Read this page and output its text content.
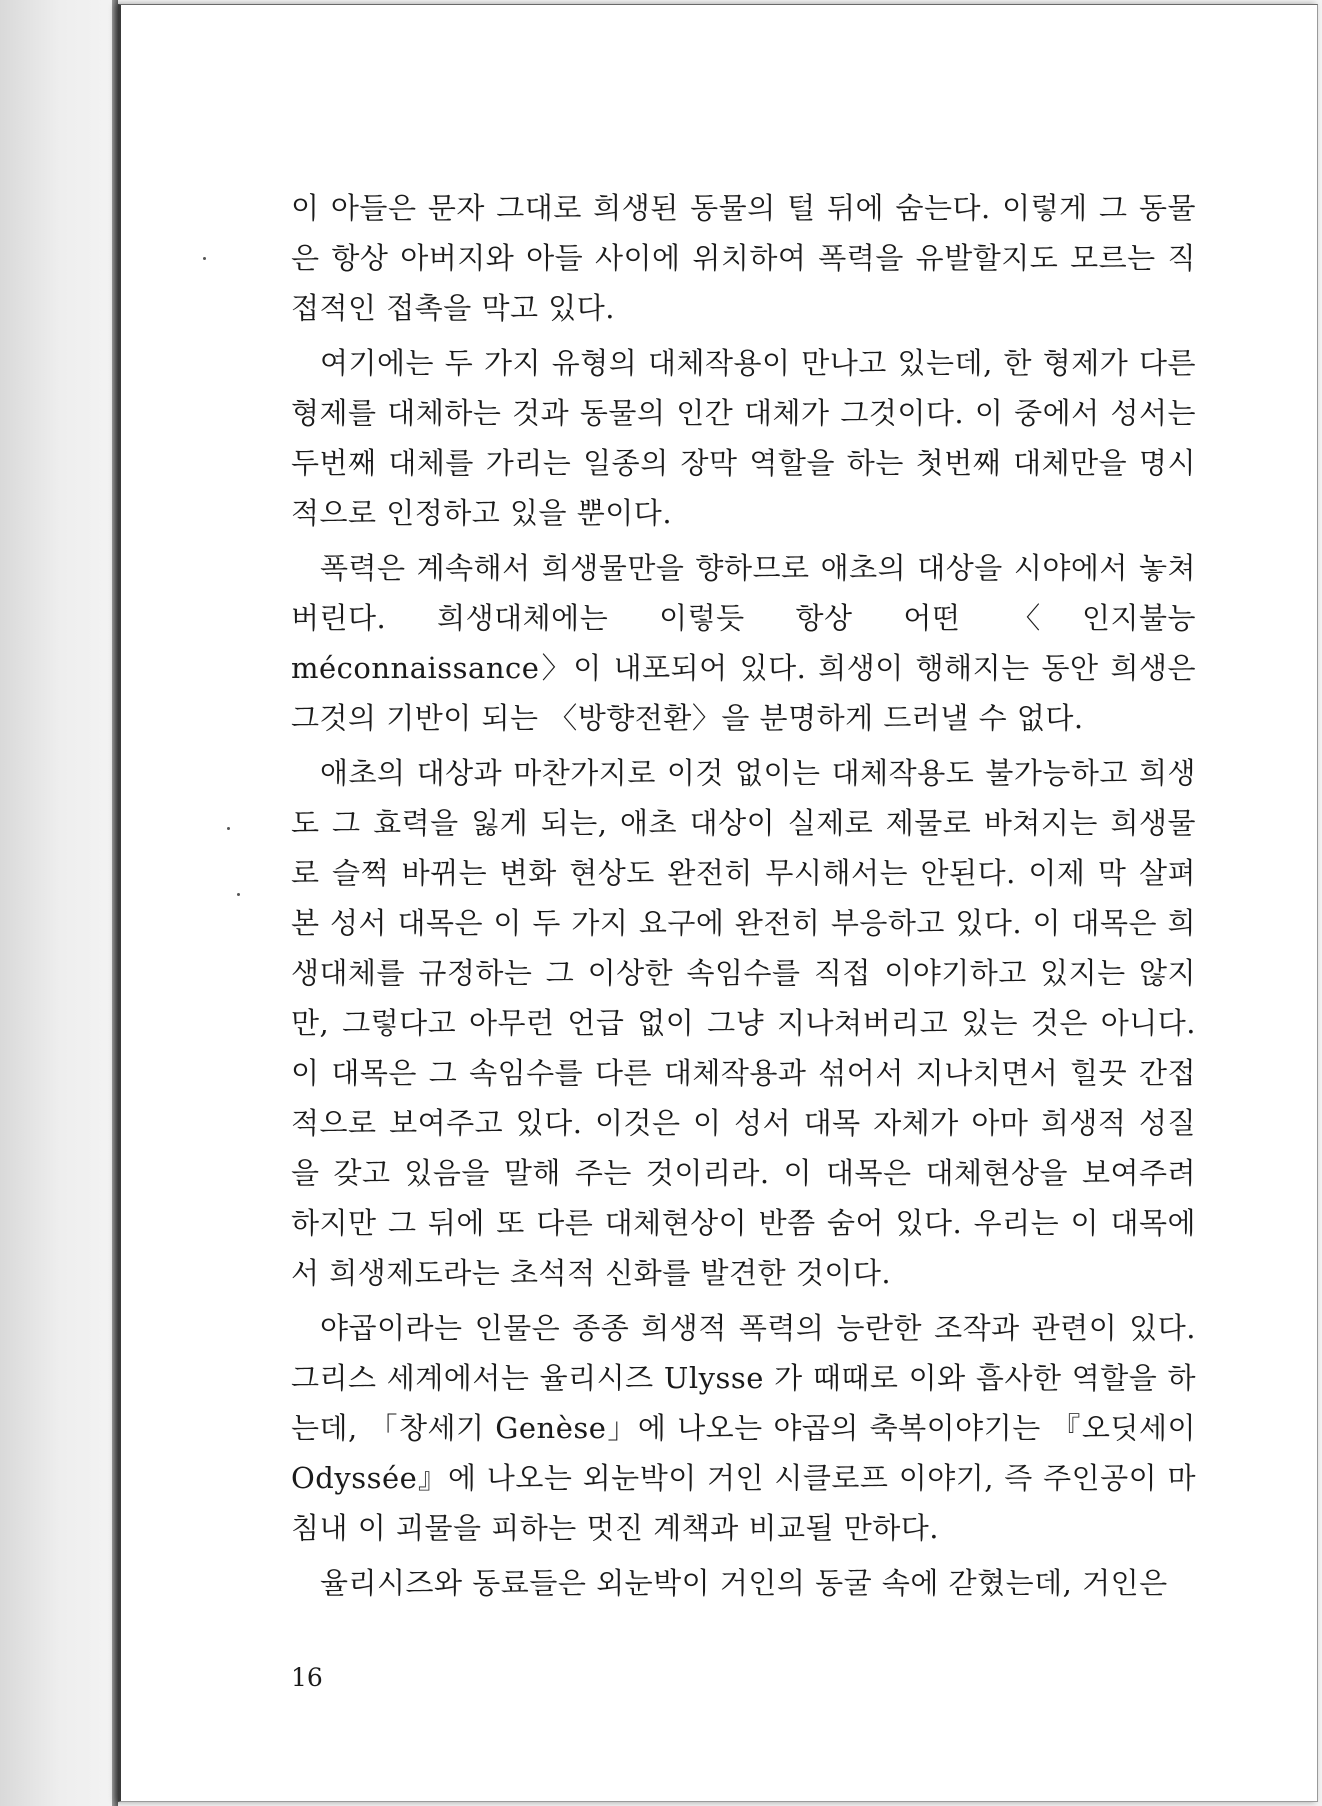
이 아들은 문자 그대로 희생된 동물의 털 뒤에 숨는다. 이렇게 그 동물은 항상 아버지와 아들 사이에 위치하여 폭력을 유발할지도 모르는 직접적인 접촉을 막고 있다.

여기에는 두 가지 유형의 대체작용이 만나고 있는데, 한 형제가 다른 형제를 대체하는 것과 동물의 인간 대체가 그것이다. 이 중에서 성서는 두번째 대체를 가리는 일종의 장막 역할을 하는 첫번째 대체만을 명시적으로 인정하고 있을 뿐이다.

폭력은 계속해서 희생물만을 향하므로 애초의 대상을 시야에서 놓쳐버린다. 희생대체에는 이렇듯 항상 어떤 〈인지불능 méconnaissance〉이 내포되어 있다. 희생이 행해지는 동안 희생은 그것의 기반이 되는 〈방향전환〉을 분명하게 드러낼 수 없다.

애초의 대상과 마찬가지로 이것 없이는 대체작용도 불가능하고 희생도 그 효력을 잃게 되는, 애초 대상이 실제로 제물로 바쳐지는 희생물로 슬쩍 바뀌는 변화 현상도 완전히 무시해서는 안된다. 이제 막 살펴본 성서 대목은 이 두 가지 요구에 완전히 부응하고 있다. 이 대목은 희생대체를 규정하는 그 이상한 속임수를 직접 이야기하고 있지는 않지만, 그렇다고 아무런 언급 없이 그냥 지나쳐버리고 있는 것은 아니다. 이 대목은 그 속임수를 다른 대체작용과 섞어서 지나치면서 힐끗 간접적으로 보여주고 있다. 이것은 이 성서 대목 자체가 아마 희생적 성질을 갖고 있음을 말해 주는 것이리라. 이 대목은 대체현상을 보여주려 하지만 그 뒤에 또 다른 대체현상이 반쯤 숨어 있다. 우리는 이 대목에서 희생제도라는 초석적 신화를 발견한 것이다.

야곱이라는 인물은 종종 희생적 폭력의 능란한 조작과 관련이 있다. 그리스 세계에서는 율리시즈 Ulysse 가 때때로 이와 흡사한 역할을 하는데, 「창세기 Genèse」에 나오는 야곱의 축복이야기는 『오딧세이 Odyssée』에 나오는 외눈박이 거인 시클로프 이야기, 즉 주인공이 마침내 이 괴물을 피하는 멋진 계책과 비교될 만하다.

율리시즈와 동료들은 외눈박이 거인의 동굴 속에 갇혔는데, 거인은

16
